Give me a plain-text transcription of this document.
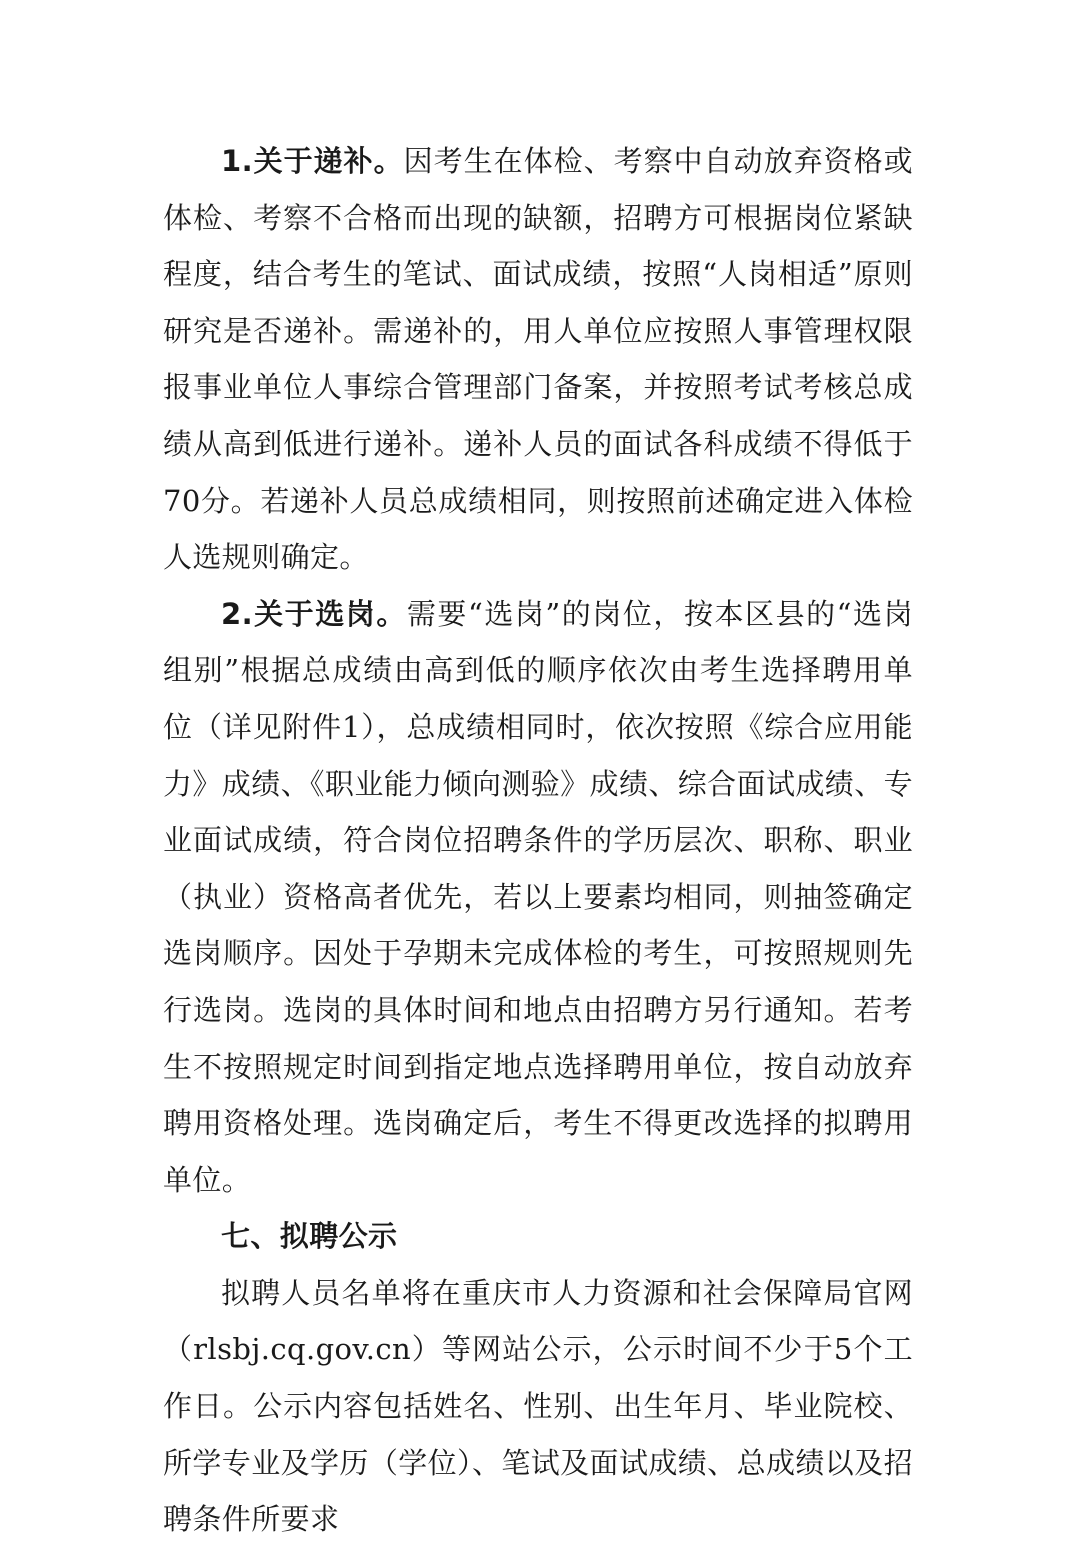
1.关于递补。因考生在体检、考察中自动放弃资格或体检、考察不合格而出现的缺额，招聘方可根据岗位紧缺程度，结合考生的笔试、面试成绩，按照“人岗相适”原则研究是否递补。需递补的，用人单位应按照人事管理权限报事业单位人事综合管理部门备案，并按照考试考核总成绩从高到低进行递补。递补人员的面试各科成绩不得低于70分。若递补人员总成绩相同，则按照前述确定进入体检人选规则确定。

2.关于选岗。需要“选岗”的岗位，按本区县的“选岗组别”根据总成绩由高到低的顺序依次由考生选择聘用单位（详见附件1），总成绩相同时，依次按照《综合应用能力》成绩、《职业能力倾向测验》成绩、综合面试成绩、专业面试成绩，符合岗位招聘条件的学历层次、职称、职业（执业）资格高者优先，若以上要素均相同，则抽签确定选岗顺序。因处于孕期未完成体检的考生，可按照规则先行选岗。选岗的具体时间和地点由招聘方另行通知。若考生不按照规定时间到指定地点选择聘用单位，按自动放弃聘用资格处理。选岗确定后，考生不得更改选择的拟聘用单位。

七、拟聘公示

拟聘人员名单将在重庆市人力资源和社会保障局官网（rlsbj.cq.gov.cn）等网站公示，公示时间不少于5个工作日。公示内容包括姓名、性别、出生年月、毕业院校、所学专业及学历（学位）、笔试及面试成绩、总成绩以及招聘条件所要求
